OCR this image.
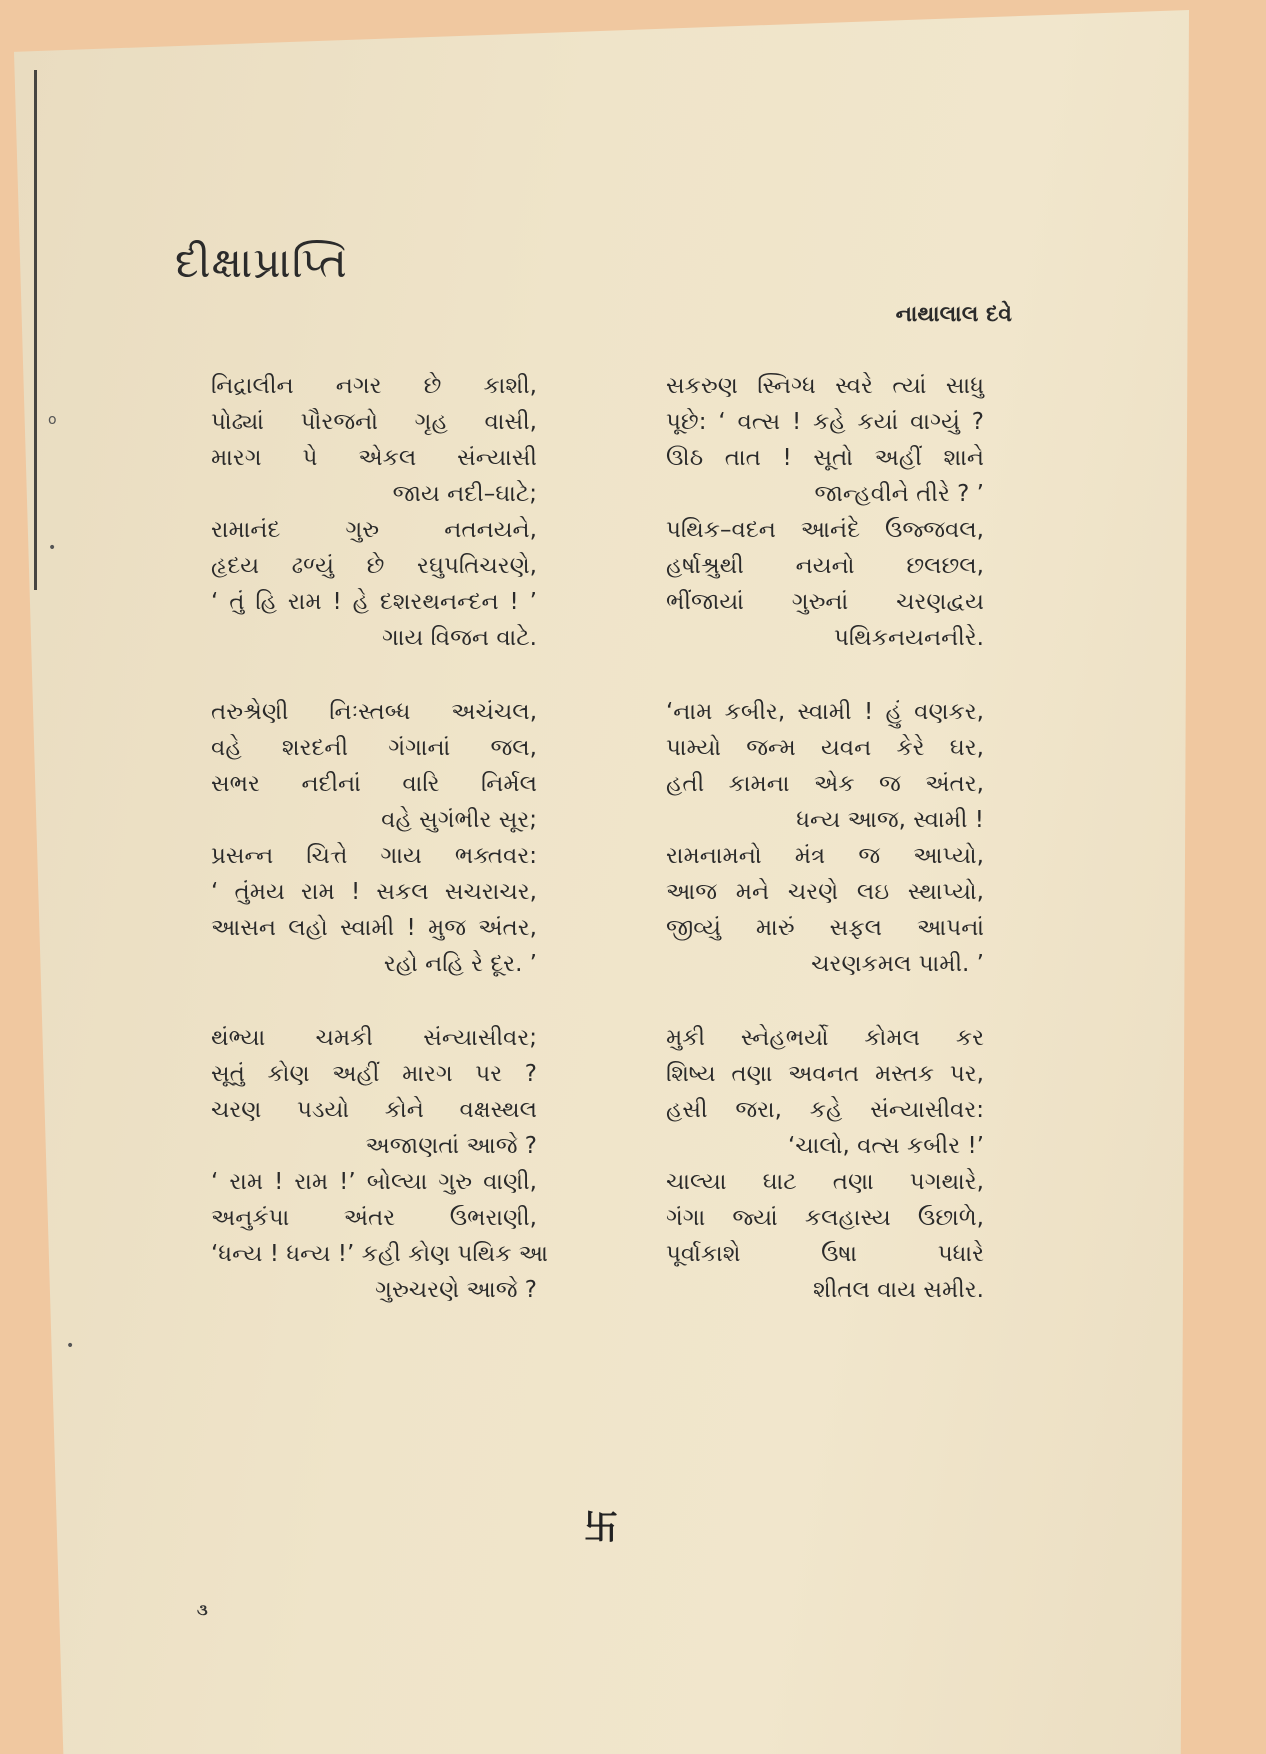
દીક્ષાપ્રાપ્તિ
નાથાલાલ દવે
નિદ્રાલીન નગર છે કાશી,
પોઢ્યાં પૌરજનો ગૃહ વાસી,
મારગ પે એકલ સંન્યાસી
જાય નદી–ઘાટે;
રામાનંદ ગુરુ નતનયને,
હૃદય ઢળ્યું છે રઘુપતિચરણે,
‘ તું હિ રામ ! હે દશરથનન્દન ! ’
ગાય વિજન વાટે.
તરુશ્રેણી નિઃસ્તબ્ધ અચંચલ,
વહે શરદની ગંગાનાં જલ,
સભર નદીનાં વારિ નિર્મલ
વહે સુગંભીર સૂર;
પ્રસન્ન ચિત્તે ગાય ભક્તવર:
‘ તુંમય રામ ! સકલ સચરાચર,
આસન લહો સ્વામી ! મુજ અંતર,
રહો નહિ રે દૂર. ’
થંભ્યા ચમકી સંન્યાસીવર;
સૂતું કોણ અહીં મારગ પર ?
ચરણ પડયો કોને વક્ષસ્થલ
અજાણતાં આજે ?
‘ રામ ! રામ !’ બોલ્યા ગુરુ વાણી,
અનુકંપા અંતર ઉભરાણી,
‘ધન્ય ! ધન્ય !’ કહી કોણ પથિક આ
ગુરુચરણે આજે ?
સકરુણ સ્નિગ્ધ સ્વરે ત્યાં સાધુ
પૂછે: ‘ વત્સ ! કહે કયાં વાગ્યું ?
ઊઠ તાત ! સૂતો અહીં શાને
જાન્હવીને તીરે ? ’
પથિક–વદન આનંદે ઉજ્જવલ,
હર્ષાશ્રુથી નયનો છલછલ,
ભીંજાયાં ગુરુનાં ચરણદ્વય
પથિકનયનનીરે.
‘નામ કબીર, સ્વામી ! હું વણકર,
પામ્યો જન્મ યવન કેરે ઘર,
હતી કામના એક જ અંતર,
ધન્ય આજ, સ્વામી !
રામનામનો મંત્ર જ આપ્યો,
આજ મને ચરણે લઇ સ્થાપ્યો,
જીવ્યું મારું સફલ આપનાં
ચરણકમલ પામી. ’
મુકી સ્નેહભર્યો કોમલ કર
શિષ્ય તણા અવનત મસ્તક પર,
હસી જરા, કહે સંન્યાસીવર:
‘ચાલો, વત્સ કબીર !’
ચાલ્યા ઘાટ તણા પગથારે,
ગંગા જ્યાં કલહાસ્ય ઉછાળે,
પૂર્વાકાશે ઉષા પધારે
શીતલ વાય સમીર.
卐
૩
o
•
•
